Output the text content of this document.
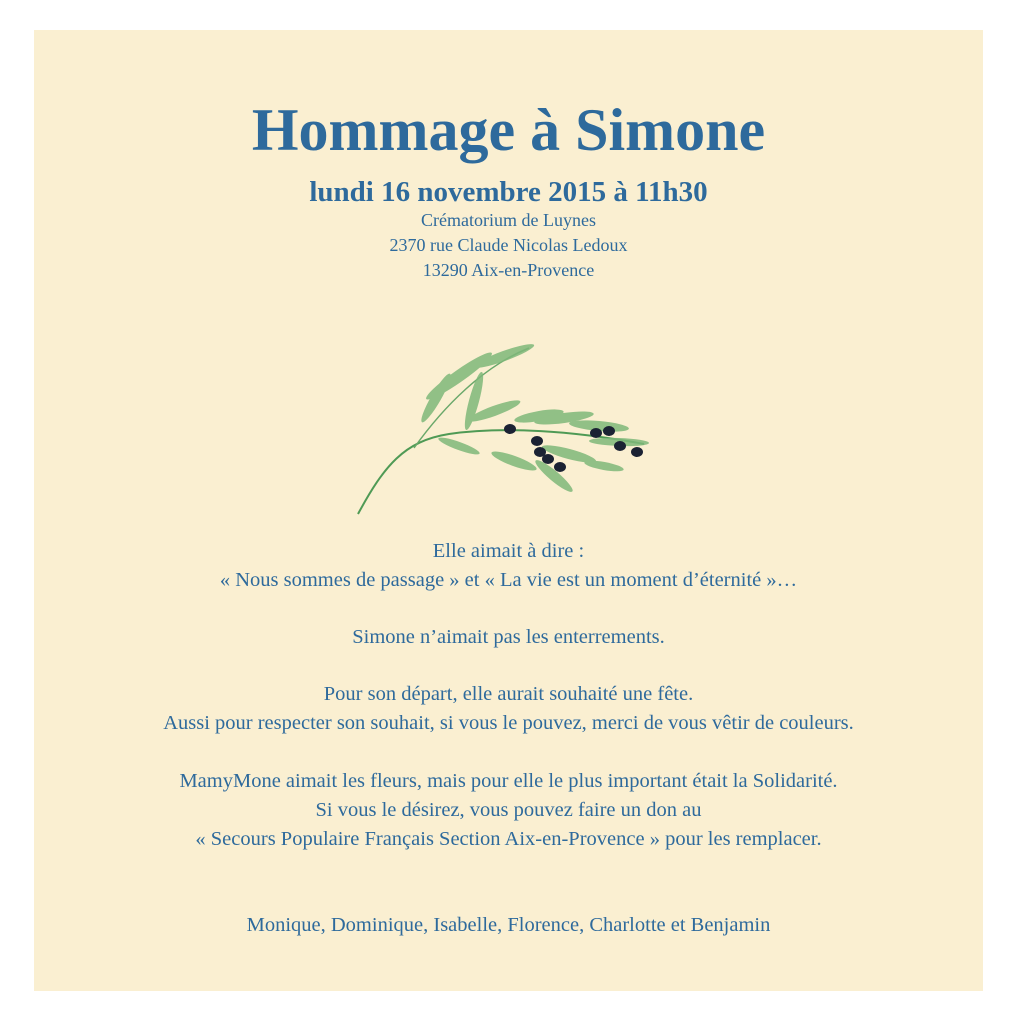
Hommage à Simone
lundi 16 novembre 2015 à 11h30
Crématorium de Luynes
2370 rue Claude Nicolas Ledoux
13290 Aix-en-Provence
Elle aimait à dire :
« Nous sommes de passage » et « La vie est un moment d’éternité »…
Simone n’aimait pas les enterrements.
Pour son départ, elle aurait souhaité une fête.
Aussi pour respecter son souhait, si vous le pouvez, merci de vous vêtir de couleurs.
MamyMone aimait les fleurs, mais pour elle le plus important était la Solidarité.
Si vous le désirez, vous pouvez faire un don au
« Secours Populaire Français Section Aix-en-Provence » pour les remplacer.
Monique, Dominique, Isabelle, Florence, Charlotte et Benjamin
